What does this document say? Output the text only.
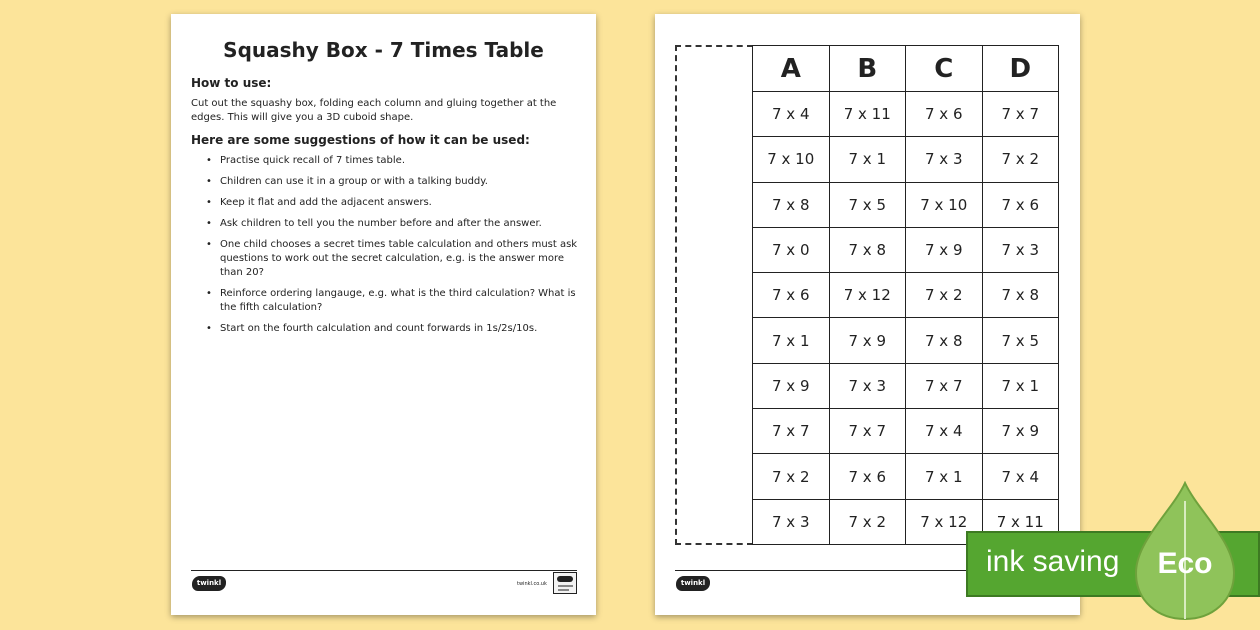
Squashy Box - 7 Times Table
How to use:
Cut out the squashy box, folding each column and gluing together at the edges. This will give you a 3D cuboid shape.
Here are some suggestions of how it can be used:
• Practise quick recall of 7 times table.
• Children can use it in a group or with a talking buddy.
• Keep it flat and add the adjacent answers.
• Ask children to tell you the number before and after the answer.
• One child chooses a secret times table calculation and others must ask questions to work out the secret calculation, e.g. is the answer more than 20?
• Reinforce ordering langauge, e.g. what is the third calculation? What is the fifth calculation?
• Start on the fourth calculation and count forwards in 1s/2s/10s.
twinkl	twinkl.co.uk
A	B	C	D
7 x 4	7 x 11	7 x 6	7 x 7
7 x 10	7 x 1	7 x 3	7 x 2
7 x 8	7 x 5	7 x 10	7 x 6
7 x 0	7 x 8	7 x 9	7 x 3
7 x 6	7 x 12	7 x 2	7 x 8
7 x 1	7 x 9	7 x 8	7 x 5
7 x 9	7 x 3	7 x 7	7 x 1
7 x 7	7 x 7	7 x 4	7 x 9
7 x 2	7 x 6	7 x 1	7 x 4
7 x 3	7 x 2	7 x 12	7 x 11
twinkl
ink saving Eco
